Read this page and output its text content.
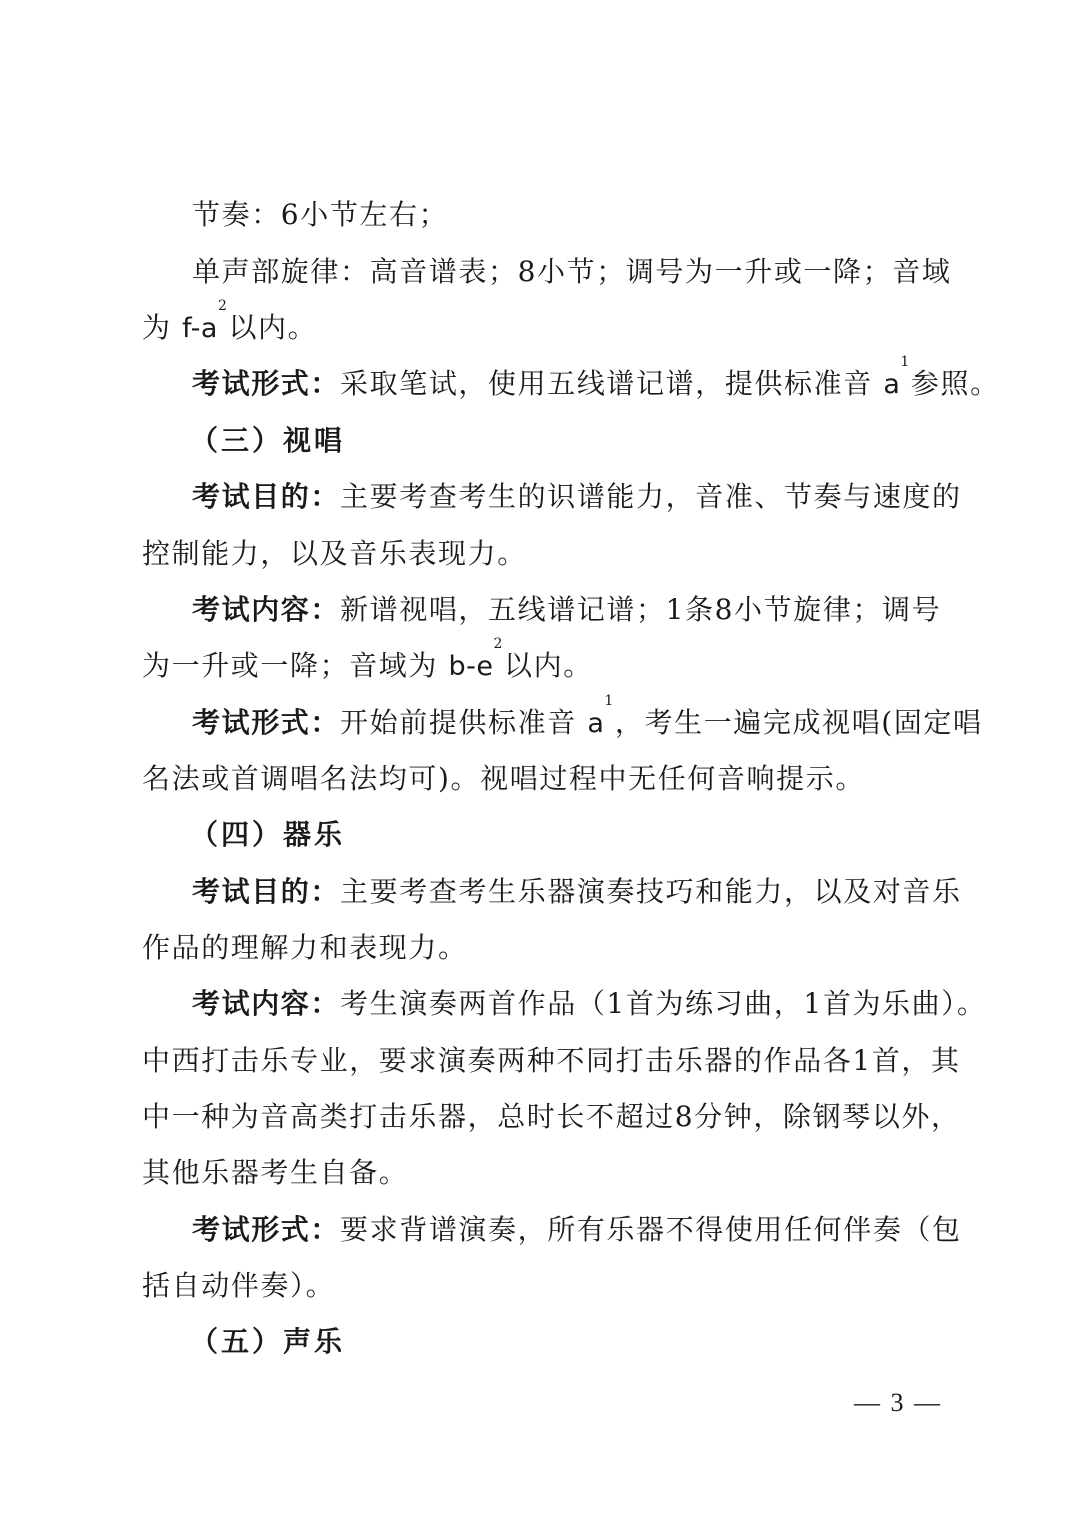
节奏：6小节左右；
单声部旋律：高音谱表；8小节；调号为一升或一降；音域
为 $f-a^2$以内。
考试形式：采取笔试，使用五线谱记谱，提供标准音 $a^1$参照。
（三）视唱
考试目的：主要考查考生的识谱能力，音准、节奏与速度的
控制能力，以及音乐表现力。
考试内容：新谱视唱，五线谱记谱；1条8小节旋律；调号
为一升或一降；音域为 $b-e^2$以内。
考试形式：开始前提供标准音 $a^1$，考生一遍完成视唱(固定唱
名法或首调唱名法均可)。视唱过程中无任何音响提示。
（四）器乐
考试目的：主要考查考生乐器演奏技巧和能力，以及对音乐
作品的理解力和表现力。
考试内容：考生演奏两首作品（1首为练习曲，1首为乐曲）。
中西打击乐专业，要求演奏两种不同打击乐器的作品各1首，其
中一种为音高类打击乐器，总时长不超过8分钟，除钢琴以外，
其他乐器考生自备。
考试形式：要求背谱演奏，所有乐器不得使用任何伴奏（包
括自动伴奏）。
（五）声乐
— 3 —
